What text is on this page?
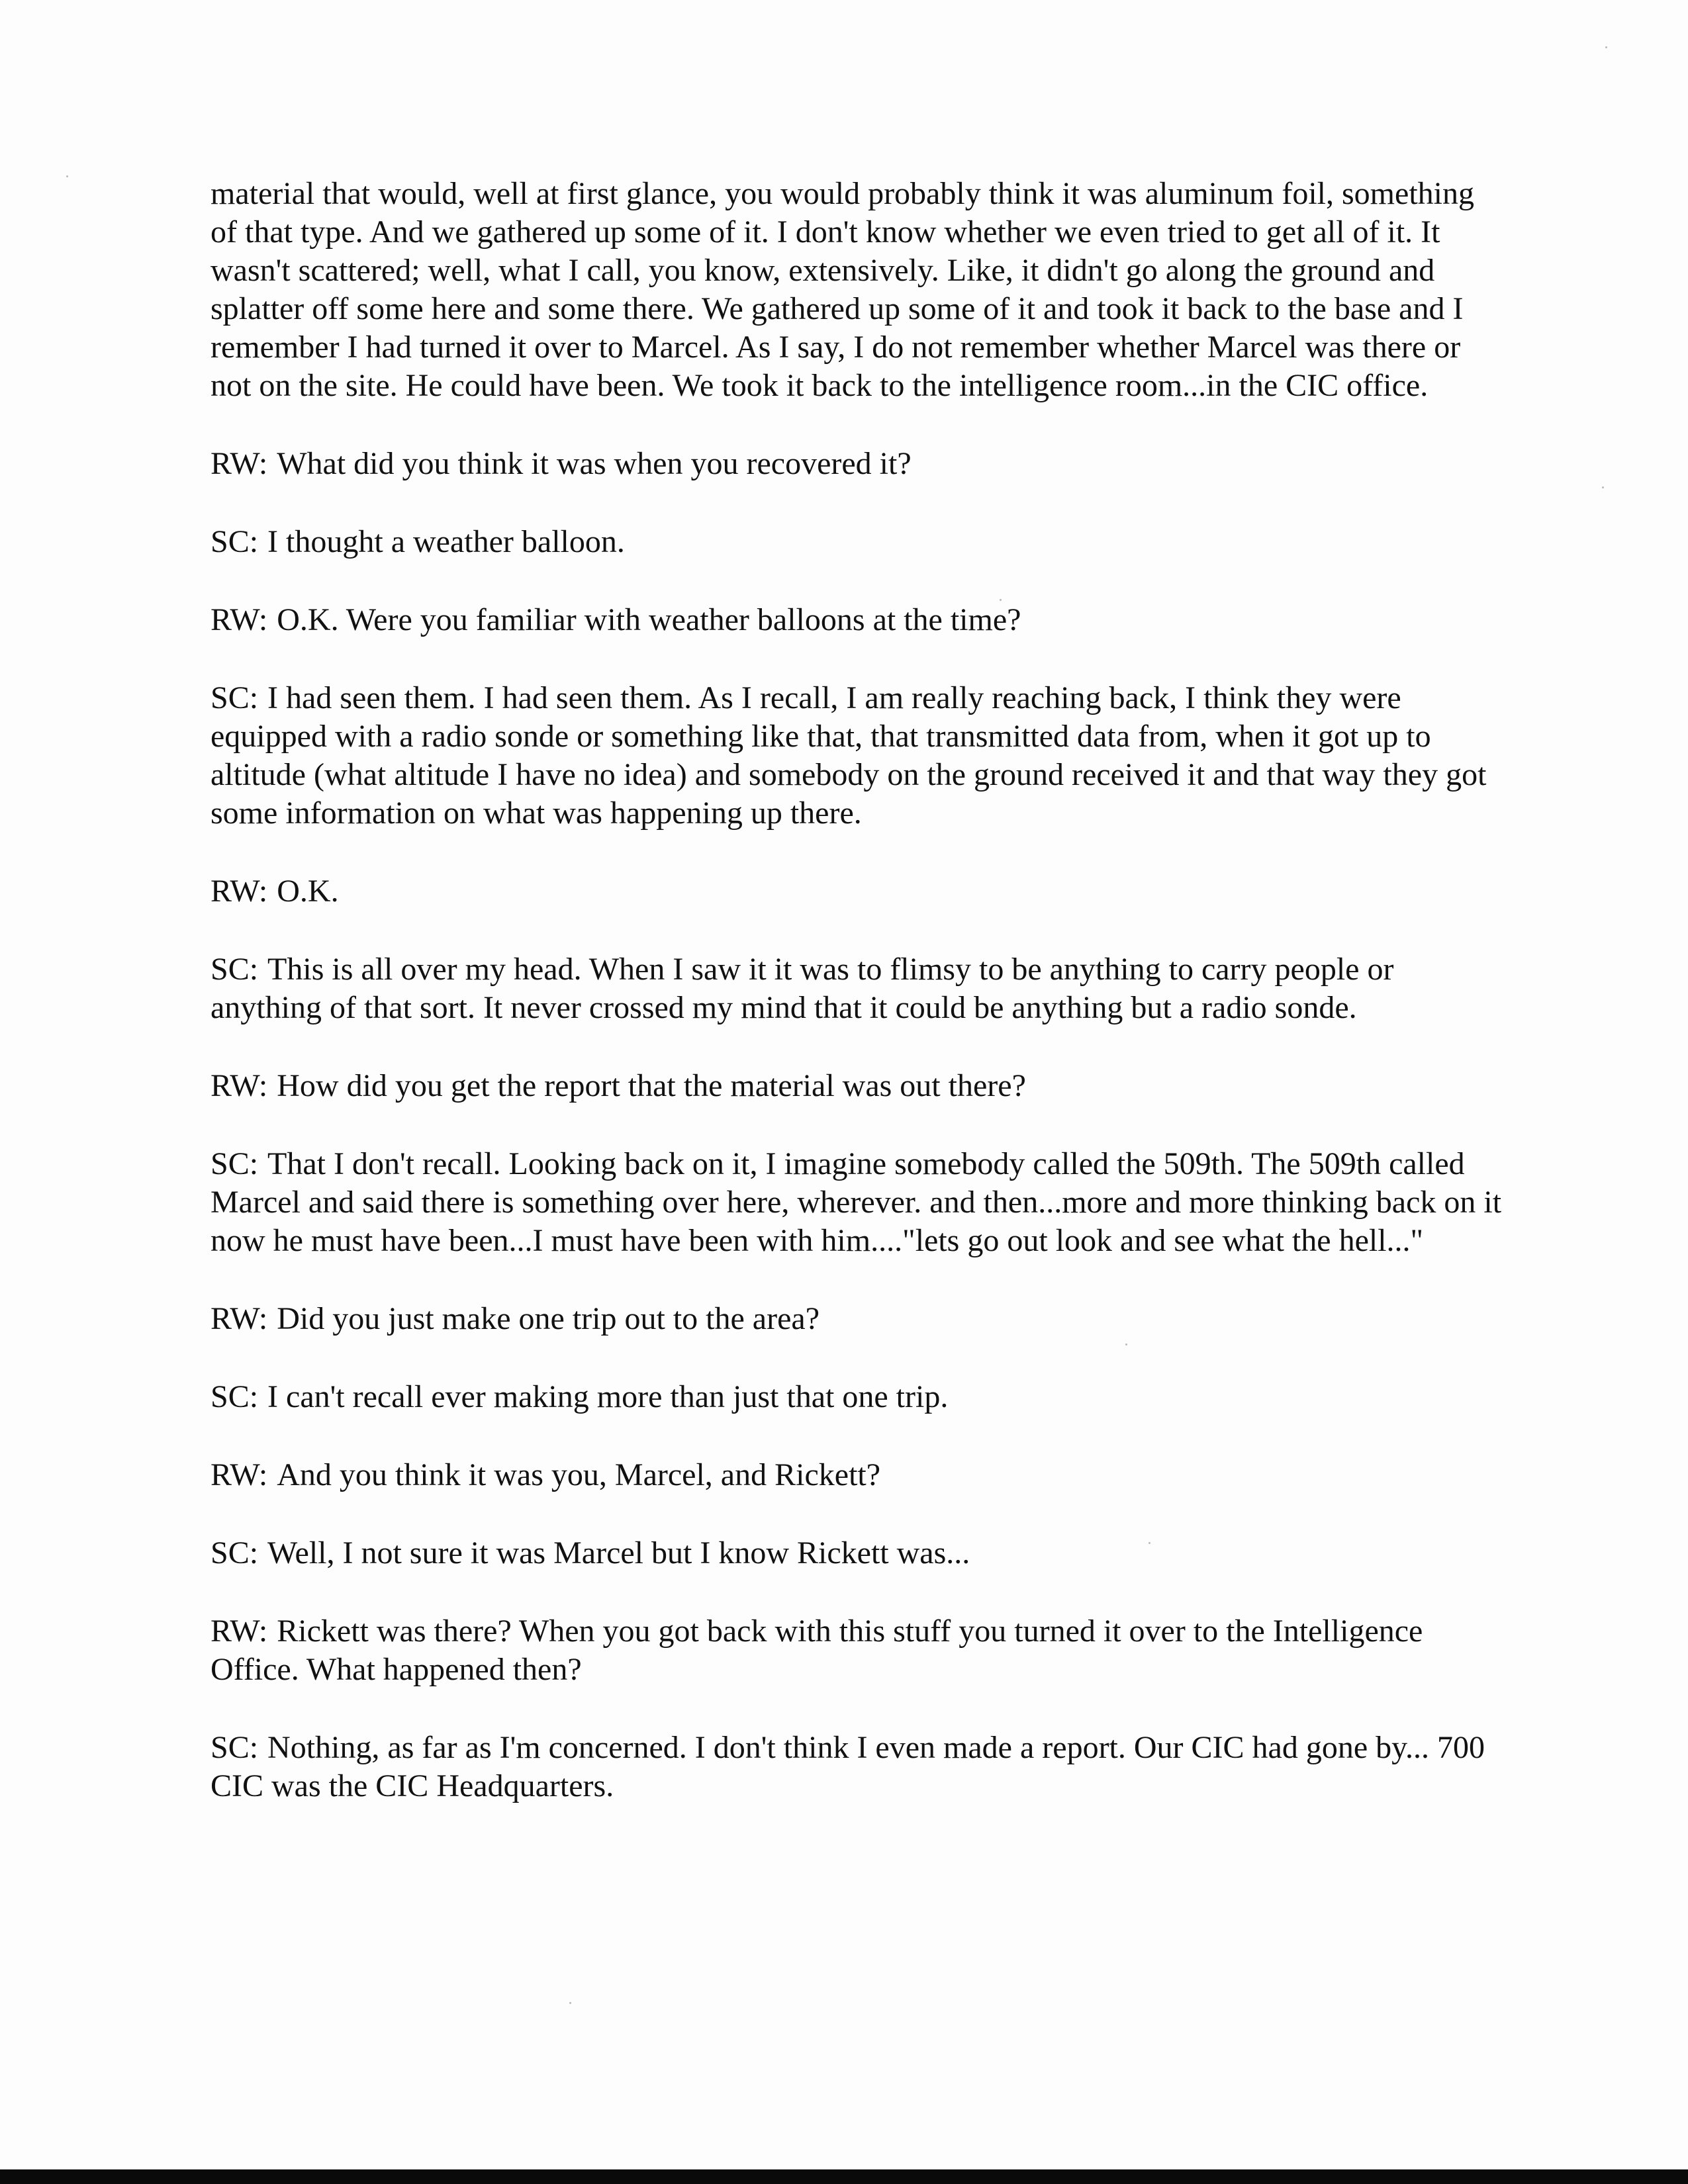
material that would, well at first glance, you would probably think it was aluminum foil, something of that type. And we gathered up some of it. I don't know whether we even tried to get all of it. It wasn't scattered; well, what I call, you know, extensively. Like, it didn't go along the ground and splatter off some here and some there. We gathered up some of it and took it back to the base and I remember I had turned it over to Marcel. As I say, I do not remember whether Marcel was there or not on the site. He could have been. We took it back to the intelligence room...in the CIC office.

RW: What did you think it was when you recovered it?

SC: I thought a weather balloon.

RW: O.K. Were you familiar with weather balloons at the time?

SC: I had seen them. I had seen them. As I recall, I am really reaching back, I think they were equipped with a radio sonde or something like that, that transmitted data from, when it got up to altitude (what altitude I have no idea) and somebody on the ground received it and that way they got some information on what was happening up there.

RW: O.K.

SC: This is all over my head. When I saw it it was to flimsy to be anything to carry people or anything of that sort. It never crossed my mind that it could be anything but a radio sonde.

RW: How did you get the report that the material was out there?

SC: That I don't recall. Looking back on it, I imagine somebody called the 509th. The 509th called Marcel and said there is something over here, wherever. and then...more and more thinking back on it now he must have been...I must have been with him...."lets go out look and see what the hell..."

RW: Did you just make one trip out to the area?

SC: I can't recall ever making more than just that one trip.

RW: And you think it was you, Marcel, and Rickett?

SC: Well, I not sure it was Marcel but I know Rickett was...

RW: Rickett was there? When you got back with this stuff you turned it over to the Intelligence Office. What happened then?

SC: Nothing, as far as I'm concerned. I don't think I even made a report. Our CIC had gone by... 700 CIC was the CIC Headquarters.
